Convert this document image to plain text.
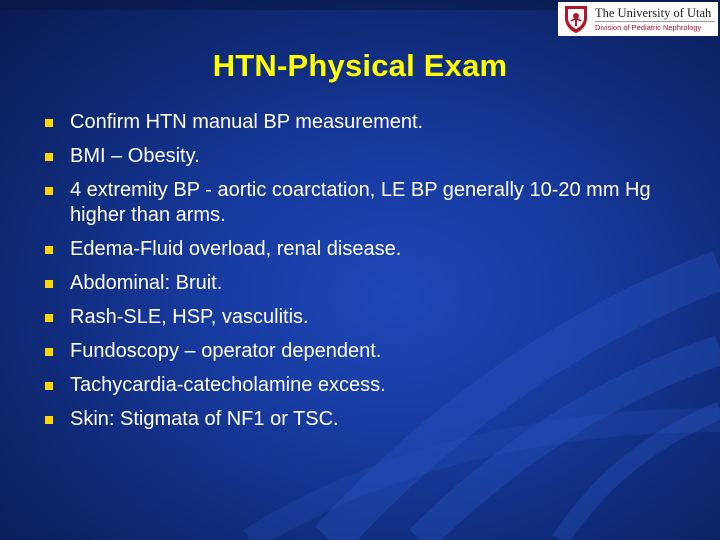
The University of Utah
Division of Pediatric Nephrology
HTN-Physical Exam
Confirm HTN manual BP measurement.
BMI – Obesity.
4 extremity BP - aortic coarctation, LE BP generally 10-20 mm Hg higher than arms.
Edema-Fluid overload, renal disease.
Abdominal: Bruit.
Rash-SLE, HSP, vasculitis.
Fundoscopy – operator dependent.
Tachycardia-catecholamine excess.
Skin: Stigmata of NF1 or TSC.
